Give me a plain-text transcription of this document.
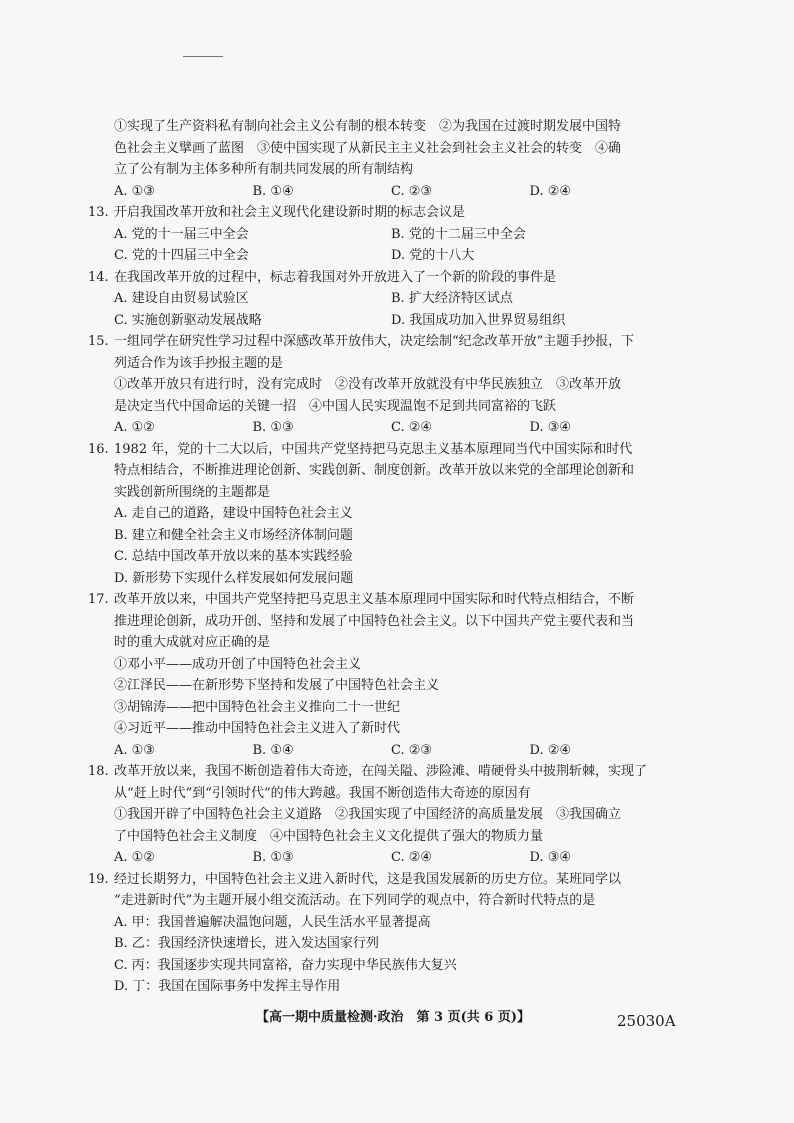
①实现了生产资料私有制向社会主义公有制的根本转变　②为我国在过渡时期发展中国特
色社会主义擘画了蓝图　③使中国实现了从新民主主义社会到社会主义社会的转变　④确
立了公有制为主体多种所有制共同发展的所有制结构
A. ①③	B. ①④	C. ②③	D. ②④
13. 开启我国改革开放和社会主义现代化建设新时期的标志会议是
A. 党的十一届三中全会	B. 党的十二届三中全会
C. 党的十四届三中全会	D. 党的十八大
14. 在我国改革开放的过程中，标志着我国对外开放进入了一个新的阶段的事件是
A. 建设自由贸易试验区	B. 扩大经济特区试点
C. 实施创新驱动发展战略	D. 我国成功加入世界贸易组织
15. 一组同学在研究性学习过程中深感改革开放伟大，决定绘制“纪念改革开放”主题手抄报，下
列适合作为该手抄报主题的是
①改革开放只有进行时，没有完成时　②没有改革开放就没有中华民族独立　③改革开放
是决定当代中国命运的关键一招　④中国人民实现温饱不足到共同富裕的飞跃
A. ①②	B. ①③	C. ②④	D. ③④
16. 1982 年，党的十二大以后，中国共产党坚持把马克思主义基本原理同当代中国实际和时代
特点相结合，不断推进理论创新、实践创新、制度创新。改革开放以来党的全部理论创新和
实践创新所围绕的主题都是
A. 走自己的道路，建设中国特色社会主义
B. 建立和健全社会主义市场经济体制问题
C. 总结中国改革开放以来的基本实践经验
D. 新形势下实现什么样发展如何发展问题
17. 改革开放以来，中国共产党坚持把马克思主义基本原理同中国实际和时代特点相结合，不断
推进理论创新，成功开创、坚持和发展了中国特色社会主义。以下中国共产党主要代表和当
时的重大成就对应正确的是
①邓小平——成功开创了中国特色社会主义
②江泽民——在新形势下坚持和发展了中国特色社会主义
③胡锦涛——把中国特色社会主义推向二十一世纪
④习近平——推动中国特色社会主义进入了新时代
A. ①③	B. ①④	C. ②③	D. ②④
18. 改革开放以来，我国不断创造着伟大奇迹，在闯关隘、涉险滩、啃硬骨头中披荆斩棘，实现了
从“赶上时代”到“引领时代”的伟大跨越。我国不断创造伟大奇迹的原因有
①我国开辟了中国特色社会主义道路　②我国实现了中国经济的高质量发展　③我国确立
了中国特色社会主义制度　④中国特色社会主义文化提供了强大的物质力量
A. ①②	B. ①③	C. ②④	D. ③④
19. 经过长期努力，中国特色社会主义进入新时代，这是我国发展新的历史方位。某班同学以
“走进新时代”为主题开展小组交流活动。在下列同学的观点中，符合新时代特点的是
A. 甲：我国普遍解决温饱问题，人民生活水平显著提高
B. 乙：我国经济快速增长，进入发达国家行列
C. 丙：我国逐步实现共同富裕，奋力实现中华民族伟大复兴
D. 丁：我国在国际事务中发挥主导作用
【高一期中质量检测·政治　第 3 页(共 6 页)】	25030A
